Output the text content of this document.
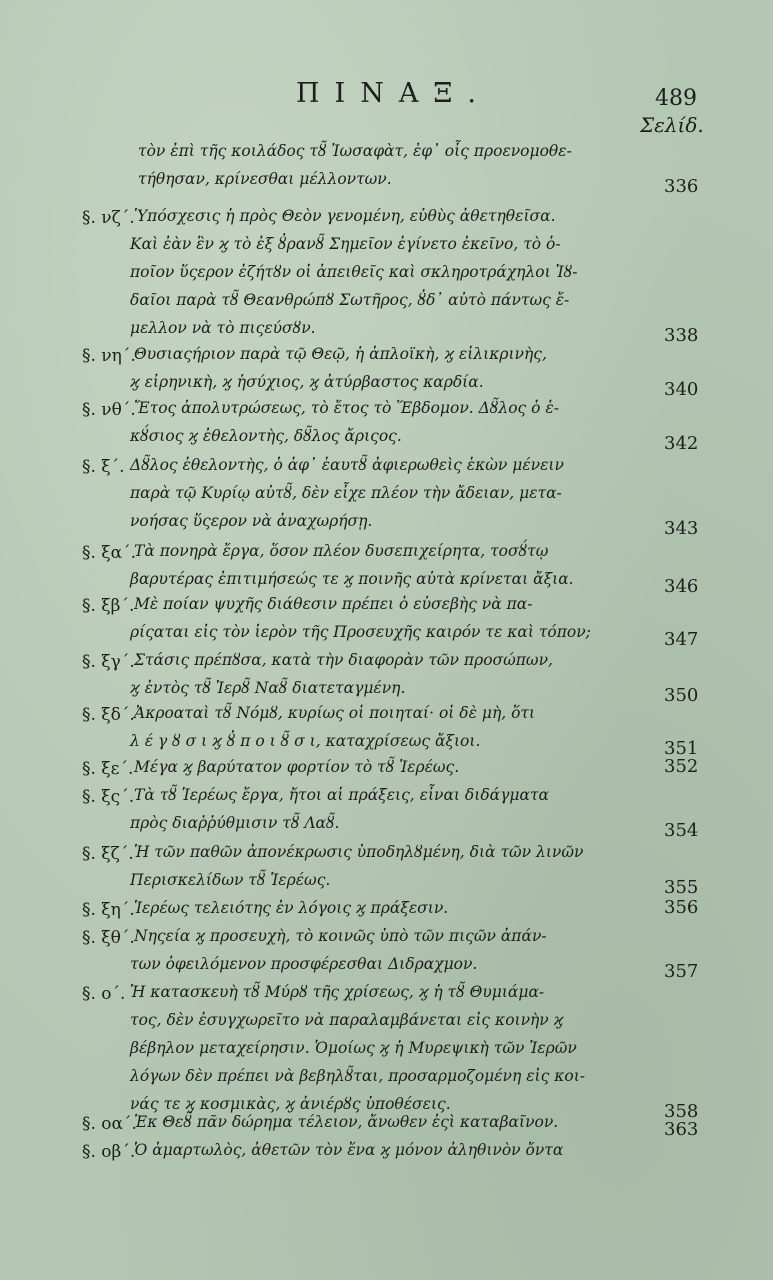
ΠΙΝΑΞ.	489
Σελίδ.
τὸν ἐπὶ τῆς κοιλάδος τȣ̃ Ἰωσαφὰτ, ἐφ᾽ οἷς προενομοθε-
τήθησαν, κρίνεσθαι μέλλοντων.	336
§. νζ΄. Ὑπόσχεσις ἡ πρὸς Θεὸν γενομένη, εὐθὺς ἀθετηθεῖσα.
Καὶ ἐὰν ἓν ϗ τὸ ἐξ ȣ̓ρανȣ̃ Σημεῖον ἐγίνετο ἐκεῖνο, τὸ ὁ-
ποῖον ὕςερον ἐζήτȣν οἱ ἀπειθεῖς καὶ σκληροτράχηλοι Ἰȣ-
δαῖοι παρὰ τȣ̃ Θεανθρώπȣ Σωτῆρος, ȣ̓δ᾽ αὐτὸ πάντως ἔ-
μελλον νὰ τὸ πιςεύσȣν.	338
§. νη΄.
Θυσιαςήριον παρὰ τῷ Θεῷ, ἡ ἁπλοϊκὴ, ϗ εἰλικρινὴς,
ϗ εἰρηνικὴ, ϗ ἡσύχιος, ϗ ἀτύρβαστος καρδία.	340
§. νθ΄.
Ἔτος ἀπολυτρώσεως, τὸ ἔτος τὸ Ἕβδομον. Δȣ̃λος ὁ ἑ-
κȣ́σιος ϗ ἐθελοντὴς, δȣ̃λος ἄριςος.	342
§. ξ΄. Δȣ̃λος ἐθελοντὴς, ὁ ἀφ᾽ ἑαυτȣ̃ ἀφιερωθεὶς ἑκὼν μένειν
παρὰ τῷ Κυρίῳ αὐτȣ̃, δὲν εἶχε πλέον τὴν ἄδειαν, μετα-
νοήσας ὕςερον νὰ ἀναχωρήσῃ.	343
§. ξα΄.
Τὰ πονηρὰ ἔργα, ὅσον πλέον δυσεπιχείρητα, τοσȣ́τῳ
βαρυτέρας ἐπιτιμήσεώς τε ϗ ποινῆς αὐτὰ κρίνεται ἄξια.	346
§. ξβ΄. Μὲ ποίαν ψυχῆς διάθεσιν πρέπει ὁ εὐσεβὴς νὰ πα-
ρίςαται εἰς τὸν ἱερὸν τῆς Προσευχῆς καιρόν τε καὶ τόπον;	347
§. ξγ΄. Στάσις πρέπȣσα, κατὰ τὴν διαφορὰν τῶν προσώπων,
ϗ ἐντὸς τȣ̃ Ἱερȣ̃ Ναȣ̃ διατεταγμένη.	350
§. ξδ΄. Ἀκροαταὶ τȣ̃ Νόμȣ, κυρίως οἱ ποιηταί· οἱ δὲ μὴ, ὅτι
λ έ γ ȣ σ ι ϗ ȣ̓ π ο ι ȣ̃ σ ι, καταχρίσεως ἄξιοι.	351
§. ξε΄. Μέγα ϗ βαρύτατον φορτίον τὸ τȣ̃ Ἱερέως.	352
§. ξς΄. Τὰ τȣ̃ Ἱερέως ἔργα, ἤτοι αἱ πράξεις, εἶναι διδάγματα
πρὸς διαῤῥύθμισιν τȣ̃ Λαȣ̃.	354
§. ξζ΄. Ἡ τῶν παθῶν ἀπονέκρωσις ὑποδηλȣμένη, διὰ τῶν λινῶν
Περισκελίδων τȣ̃ Ἱερέως.	355
§. ξη΄. Ἱερέως τελειότης ἐν λόγοις ϗ πράξεσιν.	356
§. ξθ΄. Νηςεία ϗ προσευχὴ, τὸ κοινῶς ὑπὸ τῶν πιςῶν ἀπάν-
των ὀφειλόμενον προσφέρεσθαι Διδραχμον.	357
§. ο΄. Ἡ κατασκευὴ τȣ̃ Μύρȣ τῆς χρίσεως, ϗ ἡ τȣ̃ Θυμιάμα-
τος, δὲν ἐσυγχωρεῖτο νὰ παραλαμβάνεται εἰς κοινὴν ϗ
βέβηλον μεταχείρησιν. Ὁμοίως ϗ ἡ Μυρεψικὴ τῶν Ἱερῶν
λόγων δὲν πρέπει νὰ βεβηλȣ̃ται, προσαρμοζομένη εἰς κοι-
νάς τε ϗ κοσμικὰς, ϗ ἀνιέρȣς ὑποθέσεις.	358
§. οα΄.
Ἐκ Θεȣ̃ πᾶν δώρημα τέλειον, ἄνωθεν ἐςὶ καταβαῖνον.	363
§. οβ΄.
Ὁ ἁμαρτωλὸς, ἀθετῶν τὸν ἕνα ϗ μόνον ἀληθινὸν ὄντα
